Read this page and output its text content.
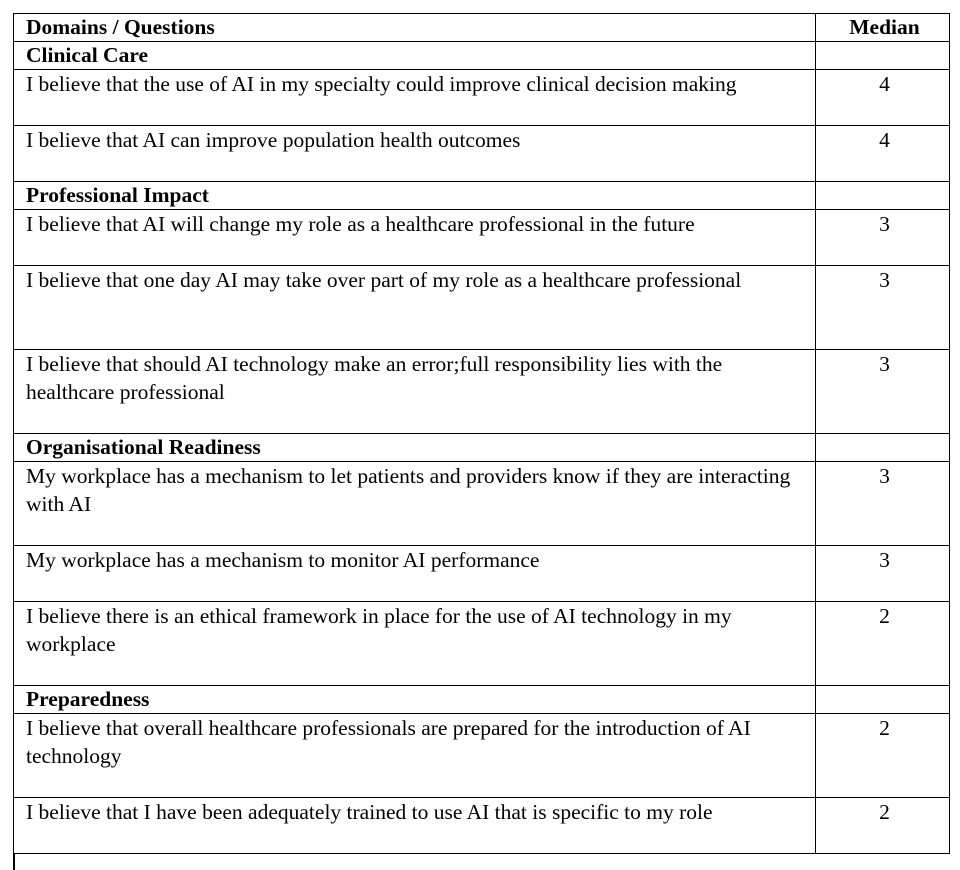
Domains / Questions	Median
Clinical Care	
I believe that the use of AI in my specialty could improve clinical decision making	4
I believe that AI can improve population health outcomes	4
Professional Impact	
I believe that AI will change my role as a healthcare professional in the future	3
I believe that one day AI may take over part of my role as a healthcare professional	3
I believe that should AI technology make an error;full responsibility lies with the healthcare professional	3
Organisational Readiness	
My workplace has a mechanism to let patients and providers know if they are interacting with AI	3
My workplace has a mechanism to monitor AI performance	3
I believe there is an ethical framework in place for the use of AI technology in my workplace	2
Preparedness	
I believe that overall healthcare professionals are prepared for the introduction of AI technology	2
I believe that I have been adequately trained to use AI that is specific to my role	2
